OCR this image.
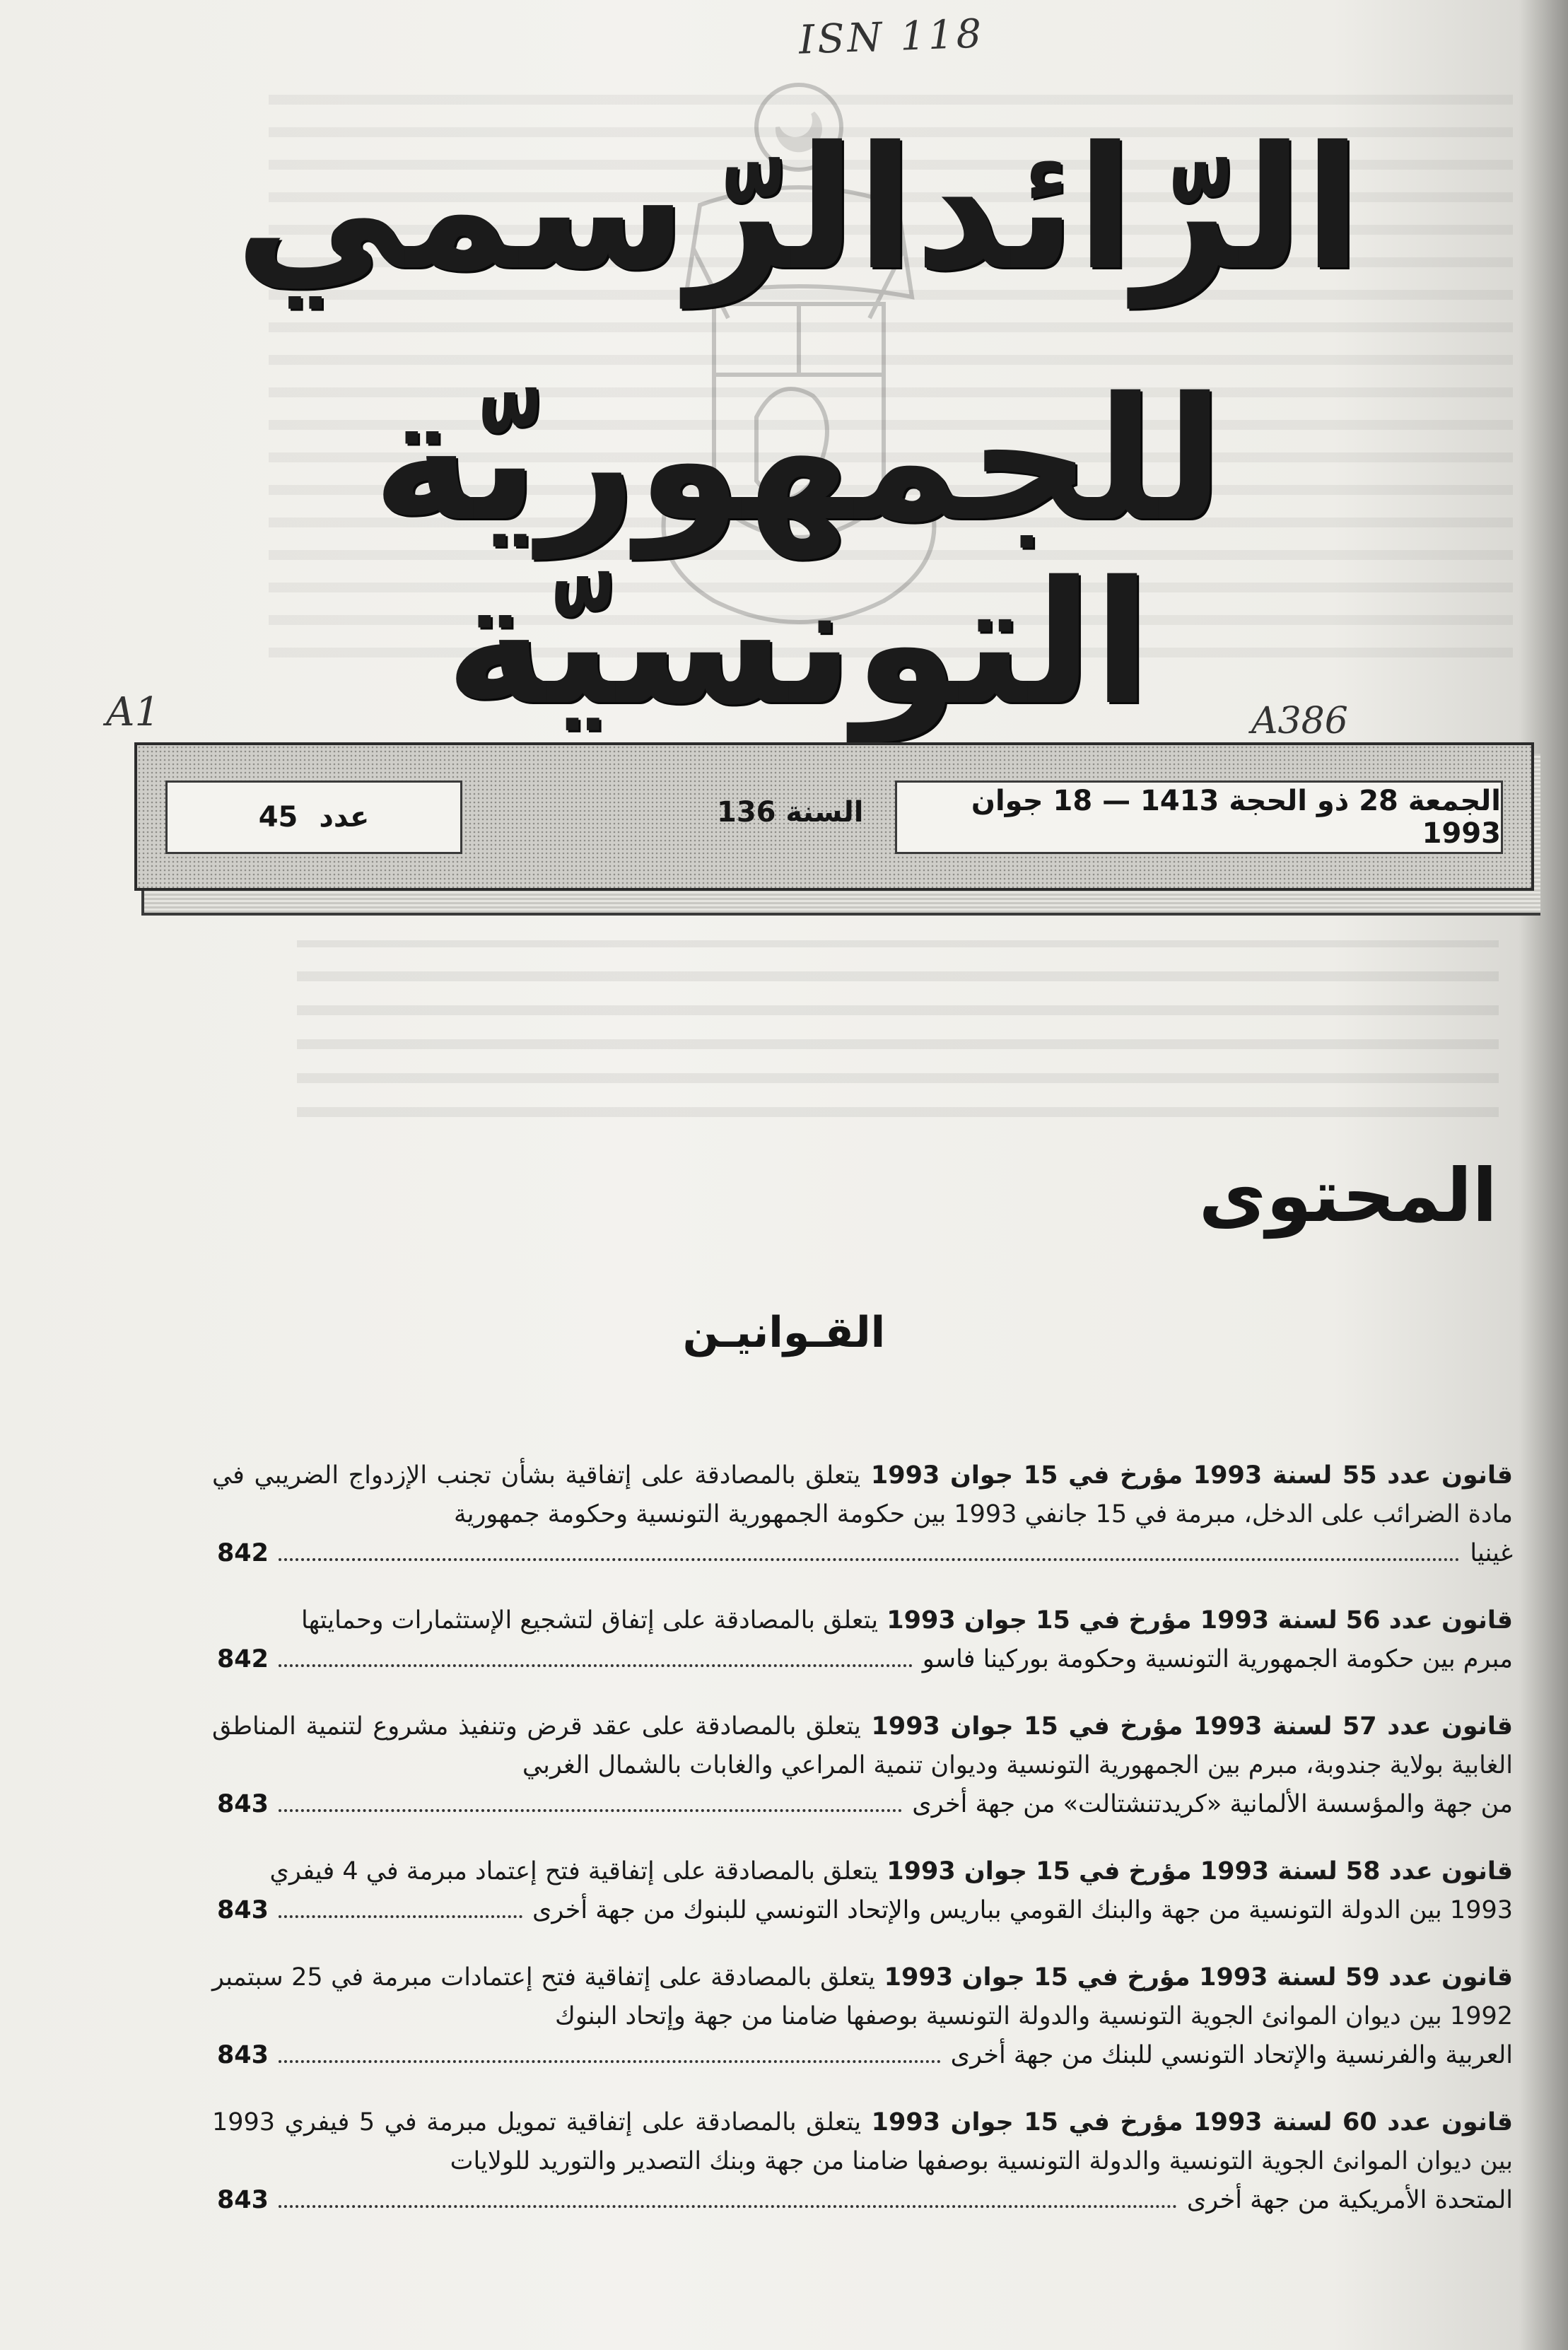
ISN 118
A1	A386
الرّائدالرّسمي
للجمهوريّة التونسيّة
عدد
45	السنة 136	الجمعة 28 ذو الحجة 1413 — 18 جوان 1993
المحتوى
القـوانيـن
قانون عدد 55 لسنة 1993 مؤرخ في 15 جوان 1993 يتعلق بالمصادقة على إتفاقية بشأن تجنب الإزدواج الضريبي في مادة الضرائب على الدخل، مبرمة في 15 جانفي 1993 بين حكومة الجمهورية التونسية وحكومة جمهورية
غينيا
842
قانون عدد 56 لسنة 1993 مؤرخ في 15 جوان 1993 يتعلق بالمصادقة على إتفاق لتشجيع الإستثمارات وحمايتها
مبرم بين حكومة الجمهورية التونسية وحكومة بوركينا فاسو
842
قانون عدد 57 لسنة 1993 مؤرخ في 15 جوان 1993 يتعلق بالمصادقة على عقد قرض وتنفيذ مشروع لتنمية المناطق الغابية بولاية جندوبة، مبرم بين الجمهورية التونسية وديوان تنمية المراعي والغابات بالشمال الغربي
من جهة والمؤسسة الألمانية «كريدتنشتالت» من جهة أخرى
843
قانون عدد 58 لسنة 1993 مؤرخ في 15 جوان 1993 يتعلق بالمصادقة على إتفاقية فتح إعتماد مبرمة في 4 فيفري
1993 بين الدولة التونسية من جهة والبنك القومي بباريس والإتحاد التونسي للبنوك من جهة أخرى
843
قانون عدد 59 لسنة 1993 مؤرخ في 15 جوان 1993 يتعلق بالمصادقة على إتفاقية فتح إعتمادات مبرمة في 25 سبتمبر 1992 بين ديوان الموانئ الجوية التونسية والدولة التونسية بوصفها ضامنا من جهة وإتحاد البنوك
العربية والفرنسية والإتحاد التونسي للبنك من جهة أخرى
843
قانون عدد 60 لسنة 1993 مؤرخ في 15 جوان 1993 يتعلق بالمصادقة على إتفاقية تمويل مبرمة في 5 فيفري 1993 بين ديوان الموانئ الجوية التونسية والدولة التونسية بوصفها ضامنا من جهة وبنك التصدير والتوريد للولايات
المتحدة الأمريكية من جهة أخرى
843
